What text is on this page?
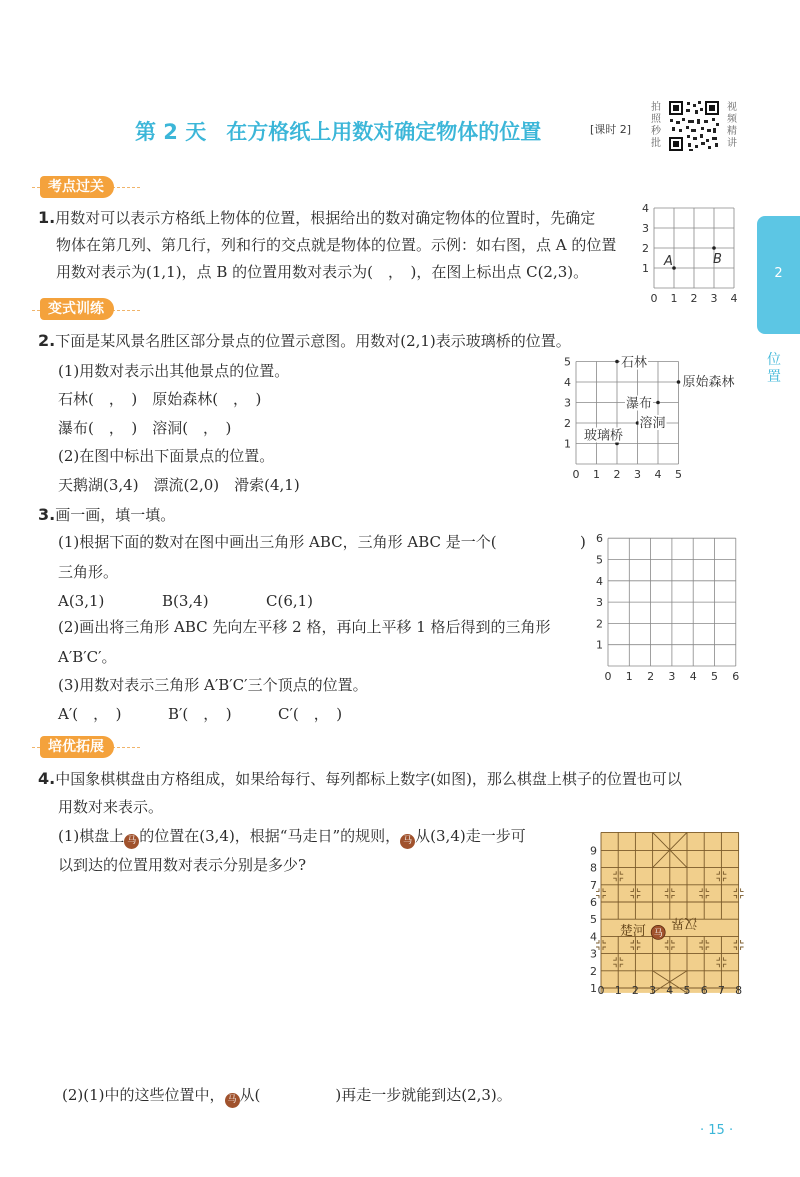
第 2 天 在方格纸上用数对确定物体的位置	[课时 2]
拍
照
秒
批
视
频
精
讲
2
位
置
考点过关
1.用数对可以表示方格纸上物体的位置，根据给出的数对确定物体的位置时，先确定
物体在第几列、第几行，列和行的交点就是物体的位置。示例：如右图，点 A 的位置
用数对表示为(1,1)，点 B 的位置用数对表示为(　，　)，在图上标出点 C(2,3)。
0 1 2 3 4
1
2
3
4
A	B
变式训练
2.下面是某风景名胜区部分景点的位置示意图。用数对(2,1)表示玻璃桥的位置。
(1)用数对表示出其他景点的位置。
石林(　，　)　原始森林(　，　)
瀑布(　，　)　溶洞(　，　)
(2)在图中标出下面景点的位置。
天鹅湖(3,4)　漂流(2,0)　滑索(4,1)
0 1 2 3 4 5
1
2
3
4
5	石林
原始森林
瀑布
溶洞
玻璃桥
3.画一画，填一填。
(1)根据下面的数对在图中画出三角形 ABC，三角形 ABC 是一个(	)
三角形。
A(3,1)	B(3,4)	C(6,1)
(2)画出将三角形 ABC 先向左平移 2 格，再向上平移 1 格后得到的三角形
A′B′C′。
(3)用数对表示三角形 A′B′C′三个顶点的位置。
A′(　，　)	B′(　，　)	C′(　，　)
0 1 2 3 4 5 6
1
2
3
4
5
6
培优拓展
4.中国象棋棋盘由方格组成，如果给每行、每列都标上数字(如图)，那么棋盘上棋子的位置也可以
用数对来表示。
(1)棋盘上 马 的位置在(3,4)，根据“马走日”的规则， 马 从(3,4)走一步可
以到达的位置用数对表示分别是多少?
楚河
汉界
马
0 1 2 3 4 5 6 7 8
1
2
3
4
5
6
7
8
9
(2)(1)中的这些位置中， 马 从(	)再走一步就能到达(2,3)。
· 15 ·
